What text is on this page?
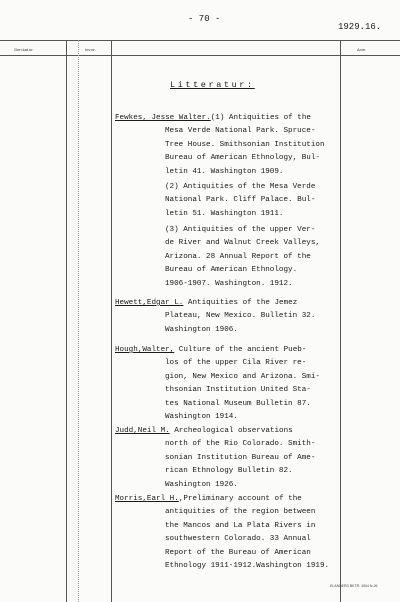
- 70 -
1929.16.
Gen.kat.nr.	Inv.nr.	Anm.
Litteratur:
Fewkes, Jesse Walter.(1) Antiquities of the
Mesa Verde National Park. Spruce-
Tree House. Smithsonian Institution
Bureau of American Ethnology, Bul-
letin 41. Washington 1909.
(2) Antiquities of the Mesa Verde
National Park. Cliff Palace. Bul-
letin 51. Washington 1911.
(3) Antiquities of the upper Ver-
de River and Walnut Creek Valleys,
Arizona. 28 Annual Report of the
Bureau of American Ethnology.
1906-1907. Washington. 1912.
Hewett,Edgar L. Antiquities of the Jemez
Plateau, New Mexico. Bulletin 32.
Washington 1906.
Hough,Walter, Culture of the ancient Pueb-
los of the upper Cila River re-
gion, New Mexico and Arizona. Smi-
thsonian Institution United Sta-
tes National Museum Bulletin 87.
Washington 1914.
Judd,Neil M. Archeological observations
north of the Rio Colorado. Smith-
sonian Institution Bureau of Ame-
rican Ethnology Bulletin 82.
Washington 1926.
Morris,Earl H.,Preliminary account of the
antiquities of the region between
the Mancos and La Plata Rivers in
southwestern Colorado. 33 Annual
Report of the Bureau of American
Ethnology 1911-1912.Washington 1919.
ELANDERS BKTR. 4904 N-26
